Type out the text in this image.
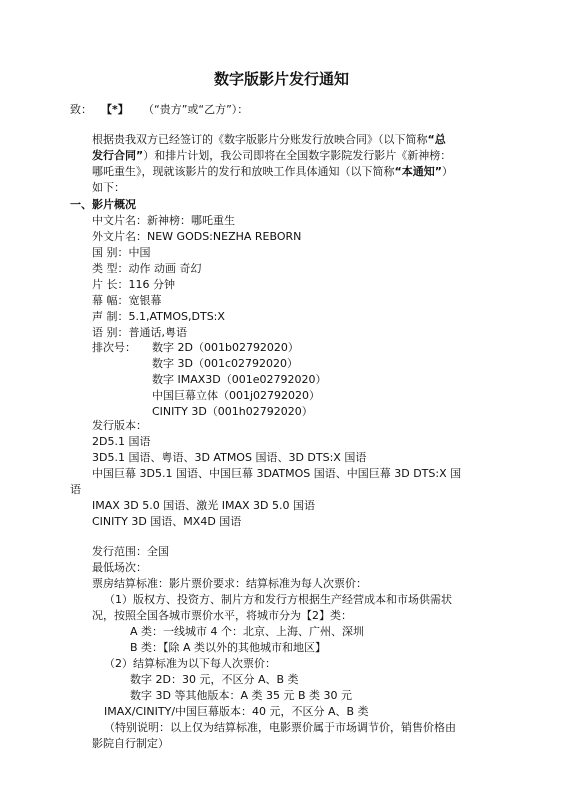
数字版影片发行通知
致： 【*】 （“贵方”或“乙方”）：
根据贵我双方已经签订的《数字版影片分账发行放映合同》（以下简称“总
发行合同”）和排片计划，我公司即将在全国数字影院发行影片《新神榜：
哪吒重生》，现就该影片的发行和放映工作具体通知（以下简称“本通知”）
如下：
一、影片概况
中文片名：新神榜：哪吒重生
外文片名：NEW GODS:NEZHA REBORN
国 别：中国
类 型：动作 动画 奇幻
片 长：116 分钟
幕 幅：宽银幕
声 制：5.1,ATMOS,DTS:X
语 别：普通话,粤语
排次号： 数字 2D（001b02792020）
数字 3D（001c02792020）
数字 IMAX3D（001e02792020）
中国巨幕立体（001j02792020）
CINITY 3D（001h02792020）
发行版本：
2D5.1 国语
3D5.1 国语、粤语、3D ATMOS 国语、3D DTS:X 国语
中国巨幕 3D5.1 国语、中国巨幕 3DATMOS 国语、中国巨幕 3D DTS:X 国
语
IMAX 3D 5.0 国语、激光 IMAX 3D 5.0 国语
CINITY 3D 国语、MX4D 国语
发行范围：全国
最低场次：
票房结算标准：影片票价要求：结算标准为每人次票价：
（1）版权方、投资方、制片方和发行方根据生产经营成本和市场供需状
况，按照全国各城市票价水平，将城市分为【2】类：
A 类：一线城市 4 个：北京、上海、广州、深圳
B 类：【除 A 类以外的其他城市和地区】
（2）结算标准为以下每人次票价：
数字 2D：30 元，不区分 A、B 类
数字 3D 等其他版本：A 类 35 元 B 类 30 元
IMAX/CINITY/中国巨幕版本：40 元，不区分 A、B 类
（特别说明：以上仅为结算标准，电影票价属于市场调节价，销售价格由
影院自行制定）
